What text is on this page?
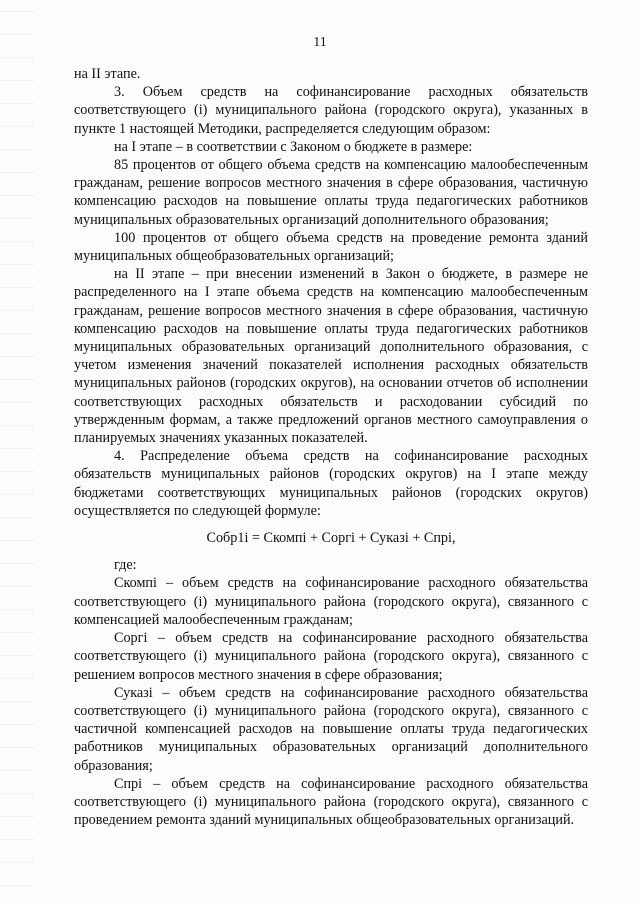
11

на II этапе.

3. Объем средств на софинансирование расходных обязательств соответствующего (i) муниципального района (городского округа), указанных в пункте 1 настоящей Методики, распределяется следующим образом:

на I этапе – в соответствии с Законом о бюджете в размере:

85 процентов от общего объема средств на компенсацию малообеспеченным гражданам, решение вопросов местного значения в сфере образования, частичную компенсацию расходов на повышение оплаты труда педагогических работников муниципальных образовательных организаций дополнительного образования;

100 процентов от общего объема средств на проведение ремонта зданий муниципальных общеобразовательных организаций;

на II этапе – при внесении изменений в Закон о бюджете, в размере не распределенного на I этапе объема средств на компенсацию малообеспеченным гражданам, решение вопросов местного значения в сфере образования, частичную компенсацию расходов на повышение оплаты труда педагогических работников муниципальных образовательных организаций дополнительного образования, с учетом изменения значений показателей исполнения расходных обязательств муниципальных районов (городских округов), на основании отчетов об исполнении соответствующих расходных обязательств и расходовании субсидий по утвержденным формам, а также предложений органов местного самоуправления о планируемых значениях указанных показателей.

4. Распределение объема средств на софинансирование расходных обязательств муниципальных районов (городских округов) на I этапе между бюджетами соответствующих муниципальных районов (городских округов) осуществляется по следующей формуле:

Собр1i = Скомпi + Соргi + Суказi + Спрi,

где:

Скомпi – объем средств на софинансирование расходного обязательства соответствующего (i) муниципального района (городского округа), связанного с компенсацией малообеспеченным гражданам;

Соргi – объем средств на софинансирование расходного обязательства соответствующего (i) муниципального района (городского округа), связанного с решением вопросов местного значения в сфере образования;

Суказi – объем средств на софинансирование расходного обязательства соответствующего (i) муниципального района (городского округа), связанного с частичной компенсацией расходов на повышение оплаты труда педагогических работников муниципальных образовательных организаций дополнительного образования;

Спрi – объем средств на софинансирование расходного обязательства соответствующего (i) муниципального района (городского округа), связанного с проведением ремонта зданий муниципальных общеобразовательных организаций.
